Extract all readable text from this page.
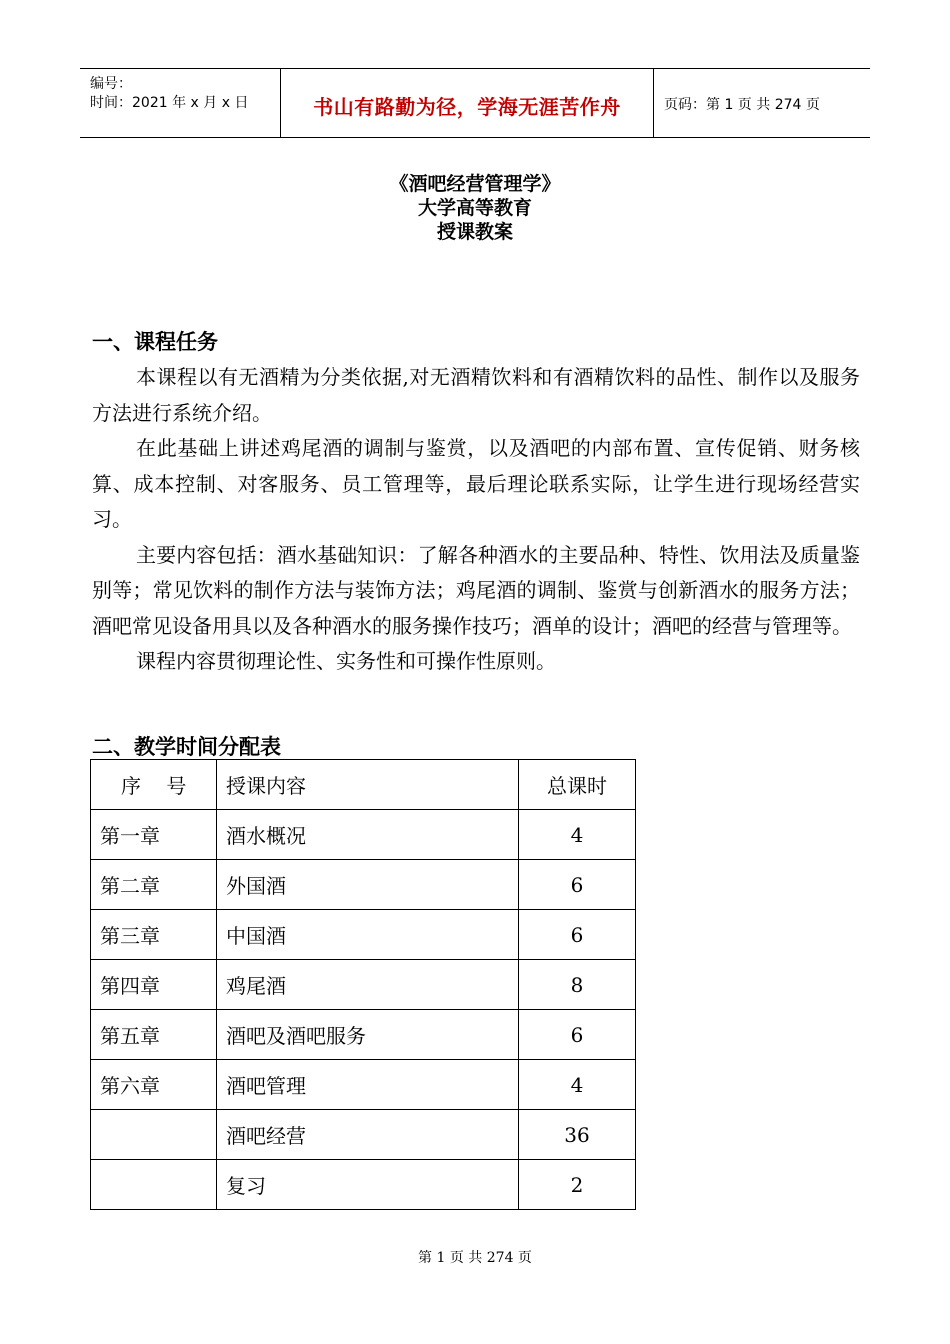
编号：
时间：2021 年 x 月 x 日	书山有路勤为径，学海无涯苦作舟	页码：第 1 页 共 274 页
《酒吧经营管理学》
大学高等教育
授课教案
一、课程任务

本课程以有无酒精为分类依据,对无酒精饮料和有酒精饮料的品性、制作以及服务方法进行系统介绍。

在此基础上讲述鸡尾酒的调制与鉴赏，以及酒吧的内部布置、宣传促销、财务核算、成本控制、对客服务、员工管理等，最后理论联系实际，让学生进行现场经营实习。

主要内容包括：酒水基础知识：了解各种酒水的主要品种、特性、饮用法及质量鉴别等；常见饮料的制作方法与装饰方法；鸡尾酒的调制、鉴赏与创新酒水的服务方法；酒吧常见设备用具以及各种酒水的服务操作技巧；酒单的设计；酒吧的经营与管理等。

课程内容贯彻理论性、实务性和可操作性原则。

二、教学时间分配表
序    号	授课内容	总课时
第一章	酒水概况	4
第二章	外国酒	6
第三章	中国酒	6
第四章	鸡尾酒	8
第五章	酒吧及酒吧服务	6
第六章	酒吧管理	4
	酒吧经营	36
	复习	2
第 1 页 共 274 页
